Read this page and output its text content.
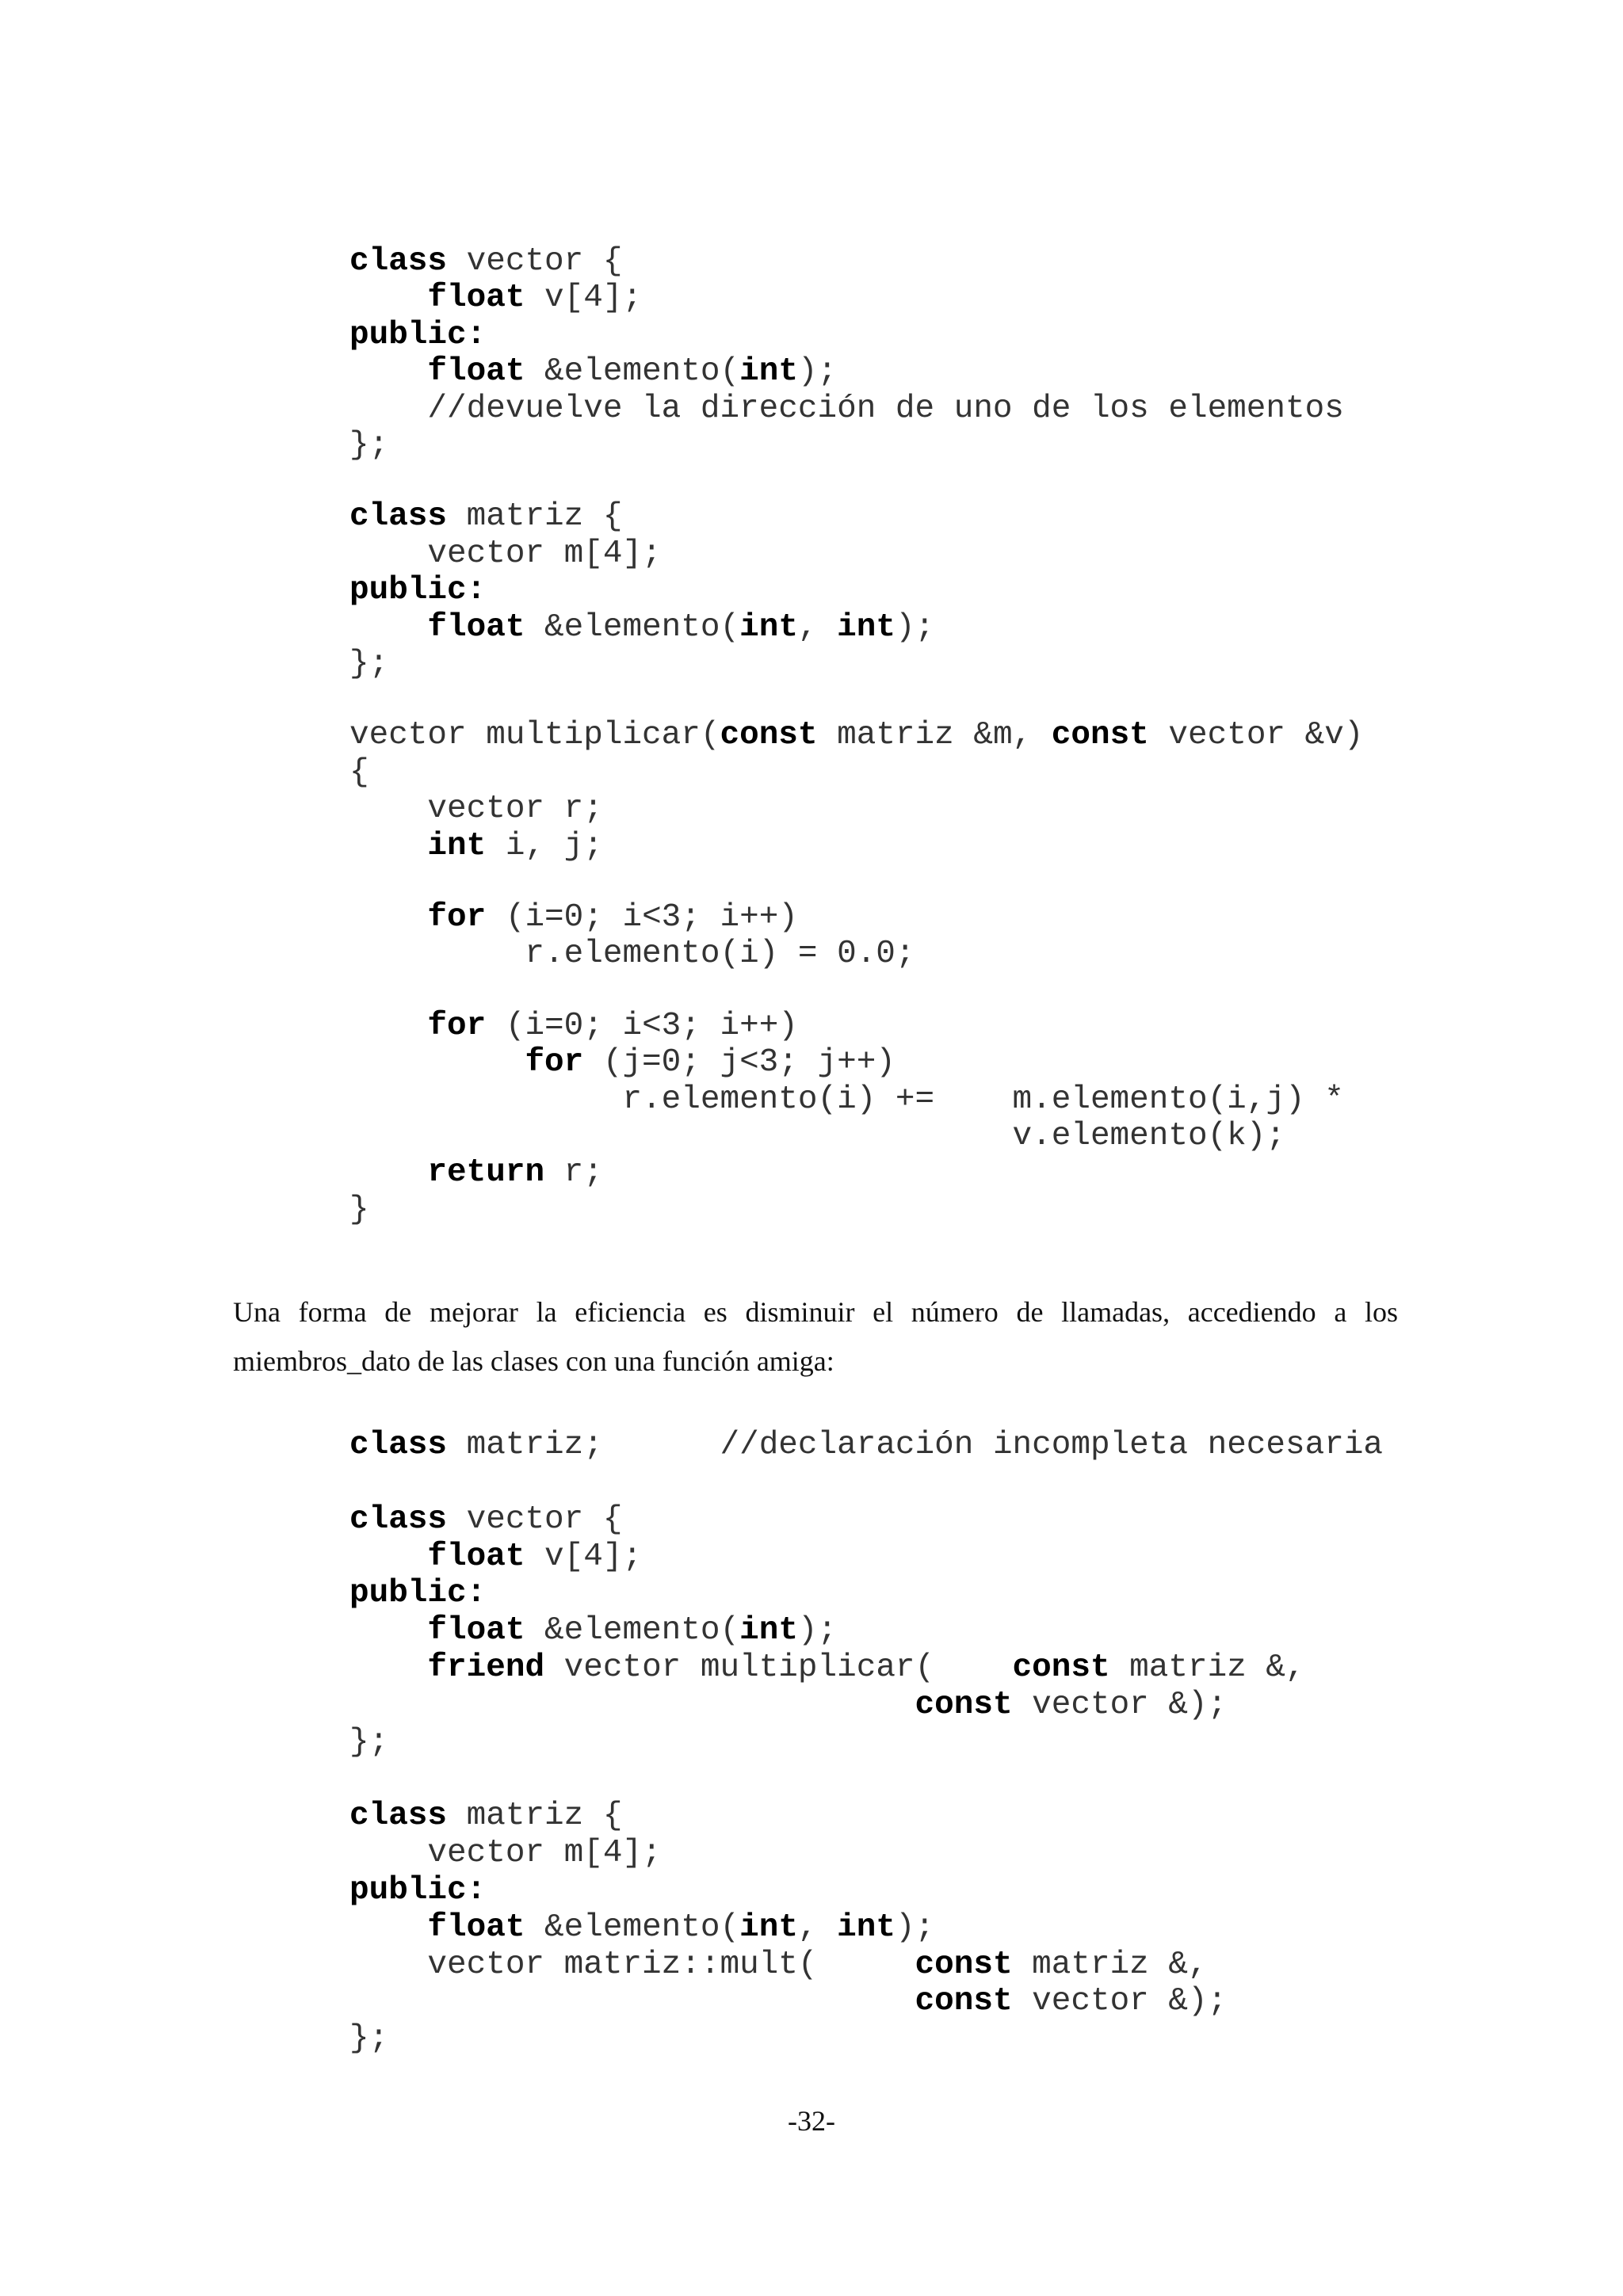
class vector {
float v[4];
public:
float &elemento(int);
//devuelve la dirección de uno de los elementos
};
class matriz {
vector m[4];
public:
float &elemento(int, int);
};
vector multiplicar(const matriz &m, const vector &v)
{
vector r;
int i, j;
for (i=0; i<3; i++)
r.elemento(i) = 0.0;
for (i=0; i<3; i++)
for (j=0; j<3; j++)
r.elemento(i) +=    m.elemento(i,j) *
v.elemento(k);
return r;
}
Una forma de mejorar la eficiencia es disminuir el número de llamadas, accediendo a los
miembros_dato de las clases con una función amiga:
class matriz;      //declaración incompleta necesaria
class vector {
float v[4];
public:
float &elemento(int);
friend vector multiplicar(    const matriz &,
const vector &);
};
class matriz {
vector m[4];
public:
float &elemento(int, int);
vector matriz::mult(     const matriz &,
const vector &);
};
-32-
